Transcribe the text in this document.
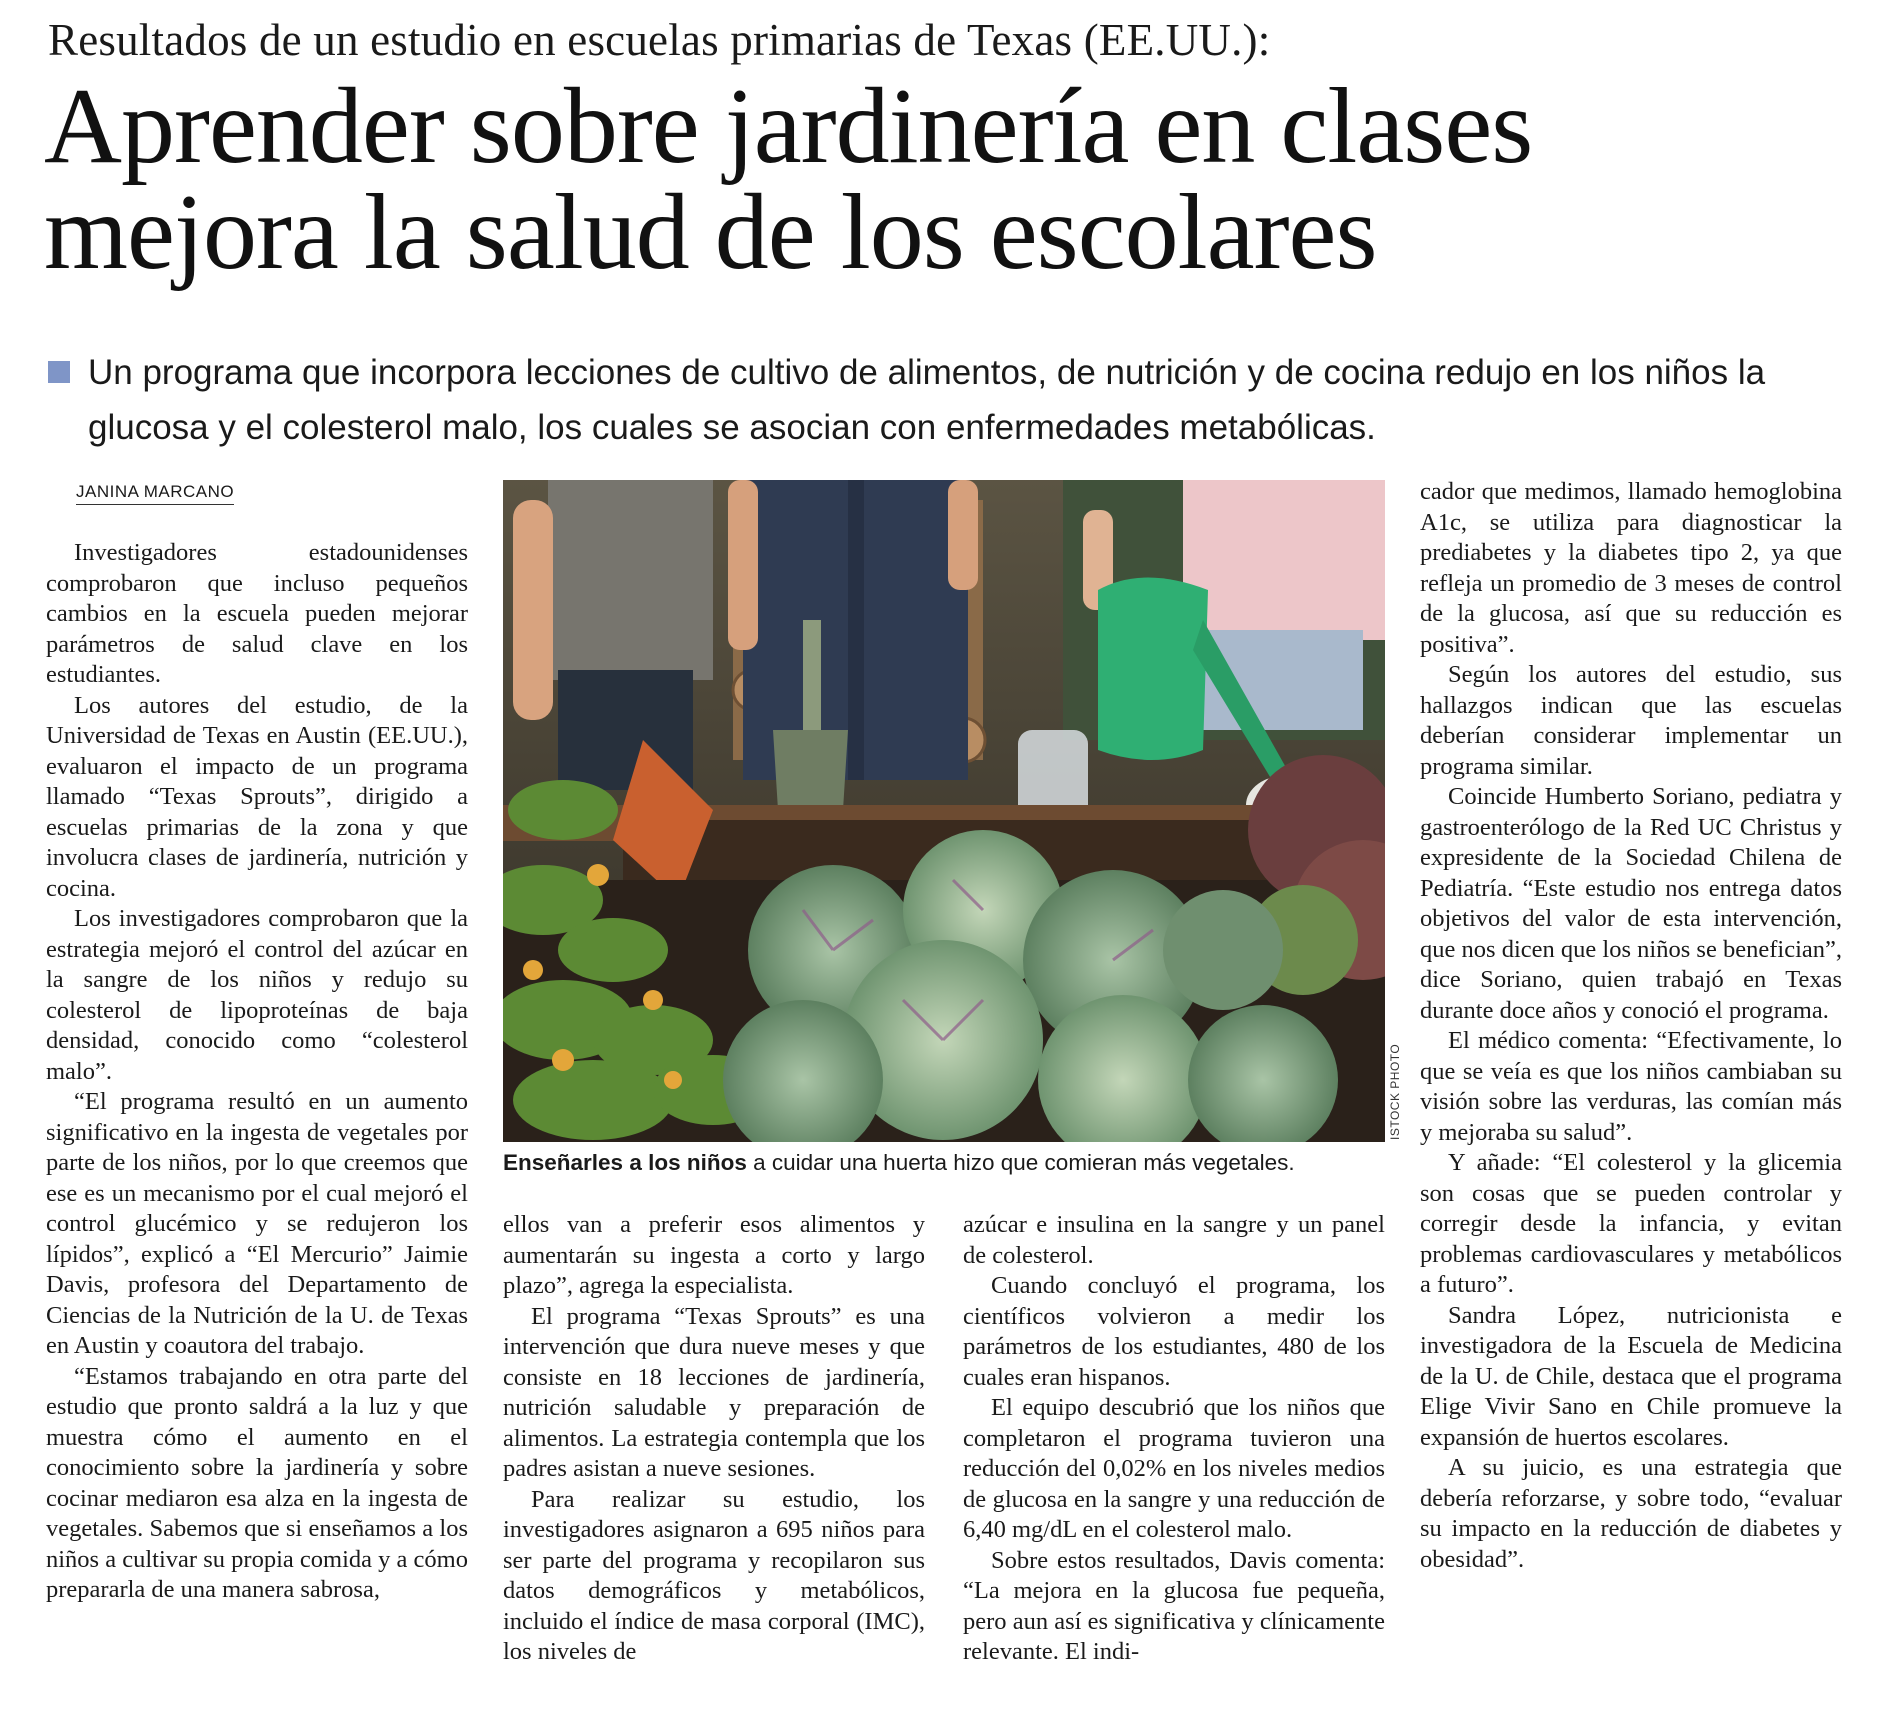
Resultados de un estudio en escuelas primarias de Texas (EE.UU.):
Aprender sobre jardinería en clases
mejora la salud de los escolares
Un programa que incorpora lecciones de cultivo de alimentos, de nutrición y de cocina redujo en los niños la glucosa y el colesterol malo, los cuales se asocian con enfermedades metabólicas.
JANINA MARCANO

Investigadores estadounidenses comprobaron que incluso pequeños cambios en la escuela pueden mejorar parámetros de salud clave en los estudiantes.

Los autores del estudio, de la Universidad de Texas en Austin (EE.UU.), evaluaron el impacto de un programa llamado “Texas Sprouts”, dirigido a escuelas primarias de la zona y que involucra clases de jardinería, nutrición y cocina.

Los investigadores comprobaron que la estrategia mejoró el control del azúcar en la sangre de los niños y redujo su colesterol de lipoproteínas de baja densidad, conocido como “colesterol malo”.

“El programa resultó en un aumento significativo en la ingesta de vegetales por parte de los niños, por lo que creemos que ese es un mecanismo por el cual mejoró el control glucémico y se redujeron los lípidos”, explicó a “El Mercurio” Jaimie Davis, profesora del Departamento de Ciencias de la Nutrición de la U. de Texas en Austin y coautora del trabajo.

“Estamos trabajando en otra parte del estudio que pronto saldrá a la luz y que muestra cómo el aumento en el conocimiento sobre la jardinería y sobre cocinar mediaron esa alza en la ingesta de vegetales. Sabemos que si enseñamos a los niños a cultivar su propia comida y a cómo prepararla de una manera sabrosa,

ISTOCK PHOTO
Enseñarles a los niños a cuidar una huerta hizo que comieran más vegetales.

ellos van a preferir esos alimentos y aumentarán su ingesta a corto y largo plazo”, agrega la especialista.

El programa “Texas Sprouts” es una intervención que dura nueve meses y que consiste en 18 lecciones de jardinería, nutrición saludable y preparación de alimentos. La estrategia contempla que los padres asistan a nueve sesiones.

Para realizar su estudio, los investigadores asignaron a 695 niños para ser parte del programa y recopilaron sus datos demográficos y metabólicos, incluido el índice de masa corporal (IMC), los niveles de

azúcar e insulina en la sangre y un panel de colesterol.

Cuando concluyó el programa, los científicos volvieron a medir los parámetros de los estudiantes, 480 de los cuales eran hispanos.

El equipo descubrió que los niños que completaron el programa tuvieron una reducción del 0,02% en los niveles medios de glucosa en la sangre y una reducción de 6,40 mg/dL en el colesterol malo.

Sobre estos resultados, Davis comenta: “La mejora en la glucosa fue pequeña, pero aun así es significativa y clínicamente relevante. El indi-

cador que medimos, llamado hemoglobina A1c, se utiliza para diagnosticar la prediabetes y la diabetes tipo 2, ya que refleja un promedio de 3 meses de control de la glucosa, así que su reducción es positiva”.

Según los autores del estudio, sus hallazgos indican que las escuelas deberían considerar implementar un programa similar.

Coincide Humberto Soriano, pediatra y gastroenterólogo de la Red UC Christus y expresidente de la Sociedad Chilena de Pediatría. “Este estudio nos entrega datos objetivos del valor de esta intervención, que nos dicen que los niños se benefician”, dice Soriano, quien trabajó en Texas durante doce años y conoció el programa.

El médico comenta: “Efectivamente, lo que se veía es que los niños cambiaban su visión sobre las verduras, las comían más y mejoraba su salud”.

Y añade: “El colesterol y la glicemia son cosas que se pueden controlar y corregir desde la infancia, y evitan problemas cardiovasculares y metabólicos a futuro”.

Sandra López, nutricionista e investigadora de la Escuela de Medicina de la U. de Chile, destaca que el programa Elige Vivir Sano en Chile promueve la expansión de huertos escolares.

A su juicio, es una estrategia que debería reforzarse, y sobre todo, “evaluar su impacto en la reducción de diabetes y obesidad”.
